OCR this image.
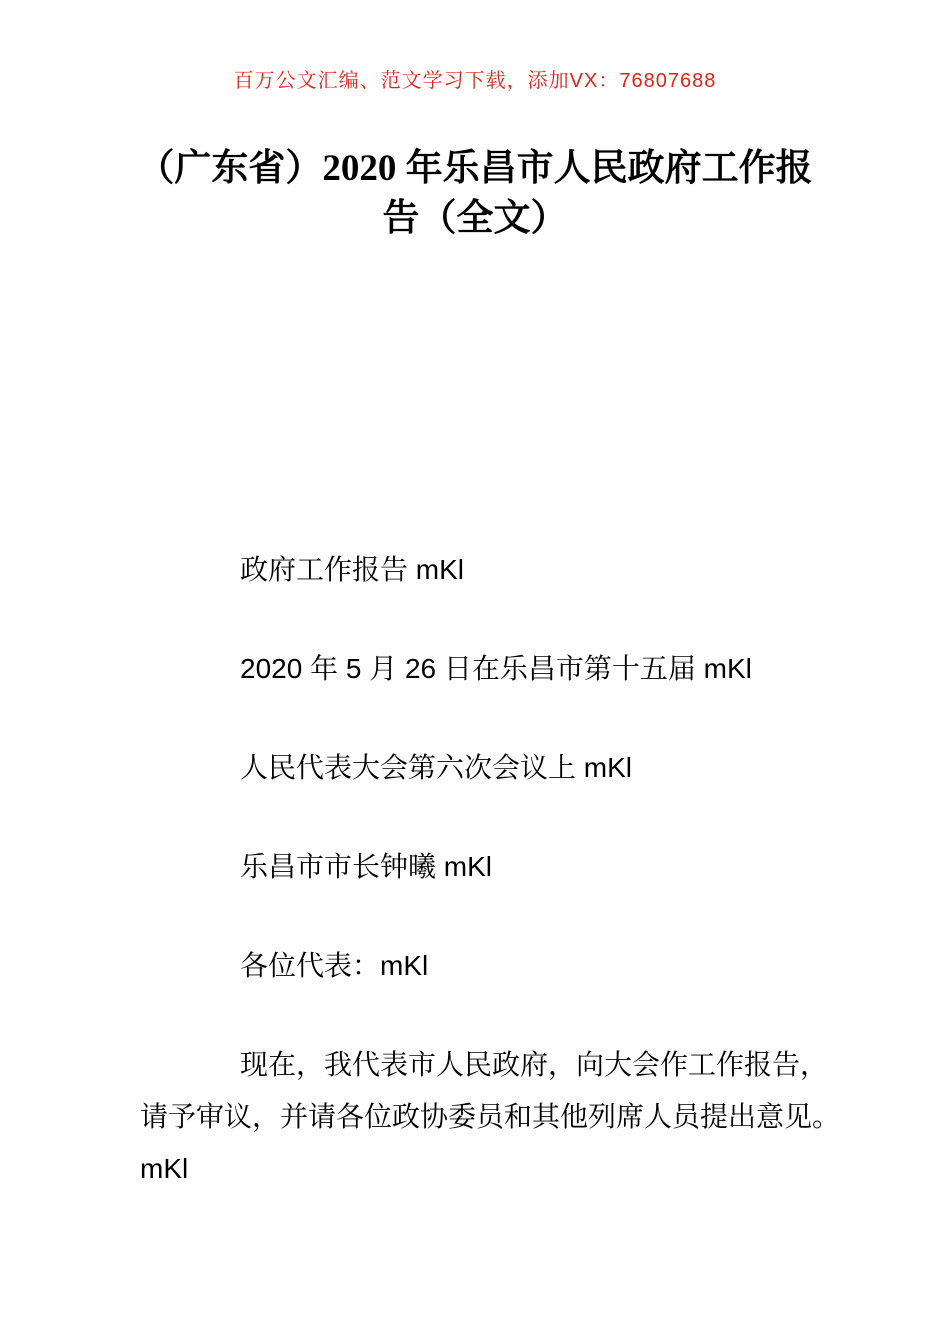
百万公文汇编、范文学习下载，添加VX：76807688
（广东省）2020 年乐昌市人民政府工作报
告（全文）

政府工作报告 mKl

2020 年 5 月 26 日在乐昌市第十五届 mKl

人民代表大会第六次会议上 mKl

乐昌市市长钟曦 mKl

各位代表：mKl

现在，我代表市人民政府，向大会作工作报告，
请予审议，并请各位政协委员和其他列席人员提出意见。
mKl
